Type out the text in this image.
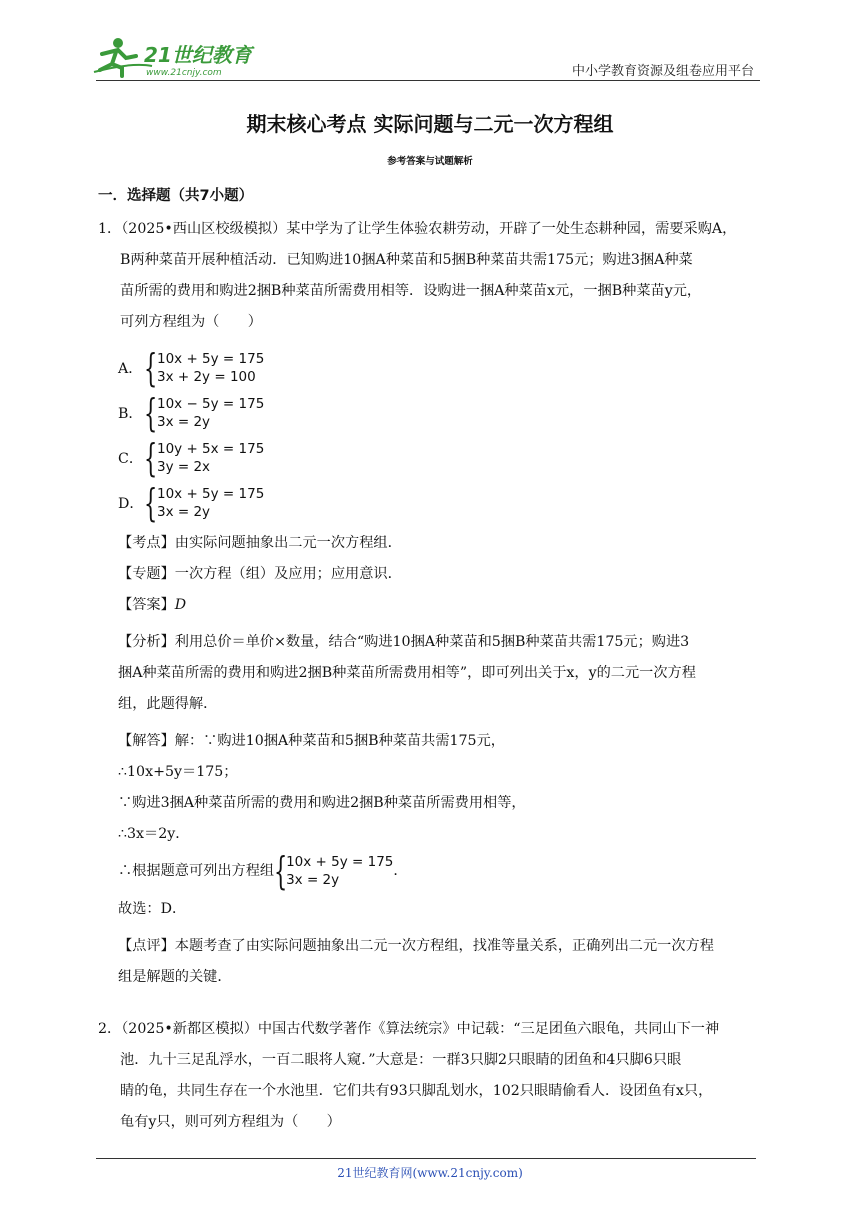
21世纪教育
www.21cnjy.com	中小学教育资源及组卷应用平台
期末核心考点 实际问题与二元一次方程组
参考答案与试题解析
一．选择题（共7小题）
1．（2025•西山区校级模拟）某中学为了让学生体验农耕劳动，开辟了一处生态耕种园，需要采购A，
B两种菜苗开展种植活动．已知购进10捆A种菜苗和5捆B种菜苗共需175元；购进3捆A种菜
苗所需的费用和购进2捆B种菜苗所需费用相等．设购进一捆A种菜苗x元，一捆B种菜苗y元，
可列方程组为（　　）
A． { 10x + 5y = 175
3x + 2y = 100
B． { 10x − 5y = 175
3x = 2y
C． { 10y + 5x = 175
3y = 2x
D． { 10x + 5y = 175
3x = 2y
【考点】由实际问题抽象出二元一次方程组．
【专题】一次方程（组）及应用；应用意识．
【答案】D
【分析】利用总价＝单价×数量，结合“购进10捆A种菜苗和5捆B种菜苗共需175元；购进3
捆A种菜苗所需的费用和购进2捆B种菜苗所需费用相等”，即可列出关于x，y的二元一次方程
组，此题得解．
【解答】解：∵购进10捆A种菜苗和5捆B种菜苗共需175元，
∴10x+5y＝175；
∵购进3捆A种菜苗所需的费用和购进2捆B种菜苗所需费用相等，
∴3x＝2y．
∴根据题意可列出方程组 {
10x + 5y = 175
3x = 2y
．
故选：D．
【点评】本题考查了由实际问题抽象出二元一次方程组，找准等量关系，正确列出二元一次方程
组是解题的关键．
2．（2025•新都区模拟）中国古代数学著作《算法统宗》中记载：“三足团鱼六眼龟，共同山下一神
池．九十三足乱浮水，一百二眼将人窥．”大意是：一群3只脚2只眼睛的团鱼和4只脚6只眼
睛的龟，共同生存在一个水池里．它们共有93只脚乱划水，102只眼睛偷看人．设团鱼有x只，
龟有y只，则可列方程组为（　　）
21世纪教育网(www.21cnjy.com)
